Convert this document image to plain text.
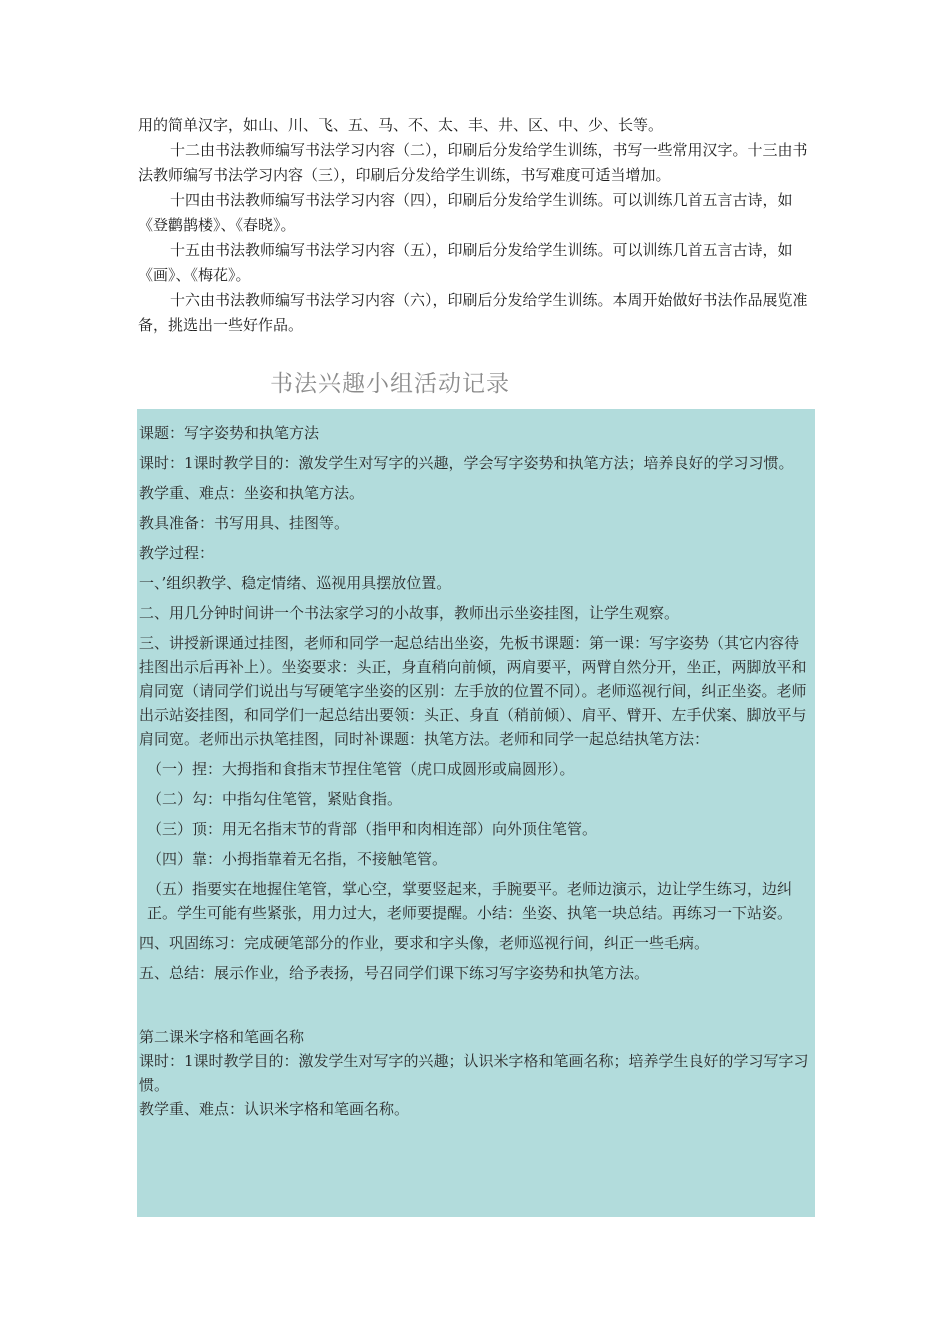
用的简单汉字，如山、川、飞、五、马、不、太、丰、井、区、中、少、长等。

十二由书法教师编写书法学习内容（二），印刷后分发给学生训练，书写一些常用汉字。十三由书法教师编写书法学习内容（三），印刷后分发给学生训练，书写难度可适当增加。

十四由书法教师编写书法学习内容（四），印刷后分发给学生训练。可以训练几首五言古诗，如《登鹳鹊楼》、《春晓》。

十五由书法教师编写书法学习内容（五），印刷后分发给学生训练。可以训练几首五言古诗，如《画》、《梅花》。

十六由书法教师编写书法学习内容（六），印刷后分发给学生训练。本周开始做好书法作品展览准备，挑选出一些好作品。

书法兴趣小组活动记录

课题：写字姿势和执笔方法

课时：1课时教学目的：激发学生对写字的兴趣，学会写字姿势和执笔方法；培养良好的学习习惯。

教学重、难点：坐姿和执笔方法。

教具准备：书写用具、挂图等。

教学过程：

一、’组织教学、稳定情绪、巡视用具摆放位置。

二、用几分钟时间讲一个书法家学习的小故事，教师出示坐姿挂图，让学生观察。

三、讲授新课通过挂图，老师和同学一起总结出坐姿，先板书课题：第一课：写字姿势（其它内容待挂图出示后再补上）。坐姿要求：头正，身直稍向前倾，两肩要平，两臂自然分开，坐正，两脚放平和肩同宽（请同学们说出与写硬笔字坐姿的区别：左手放的位置不同）。老师巡视行间，纠正坐姿。老师出示站姿挂图，和同学们一起总结出要领：头正、身直（稍前倾）、肩平、臂开、左手伏案、脚放平与肩同宽。老师出示执笔挂图，同时补课题：执笔方法。老师和同学一起总结执笔方法：

（一）捏：大拇指和食指末节捏住笔管（虎口成圆形或扁圆形）。

（二）勾：中指勾住笔管，紧贴食指。

（三）顶：用无名指末节的背部（指甲和肉相连部）向外顶住笔管。

（四）靠：小拇指靠着无名指，不接触笔管。

（五）指要实在地握住笔管，掌心空，掌要竖起来，手腕要平。老师边演示，边让学生练习，边纠正。学生可能有些紧张，用力过大，老师要提醒。小结：坐姿、执笔一块总结。再练习一下站姿。

四、巩固练习：完成硬笔部分的作业，要求和字头像，老师巡视行间，纠正一些毛病。

五、总结：展示作业，给予表扬，号召同学们课下练习写字姿势和执笔方法。

第二课米字格和笔画名称

课时：1课时教学目的：激发学生对写字的兴趣；认识米字格和笔画名称；培养学生良好的学习写字习惯。

教学重、难点：认识米字格和笔画名称。
